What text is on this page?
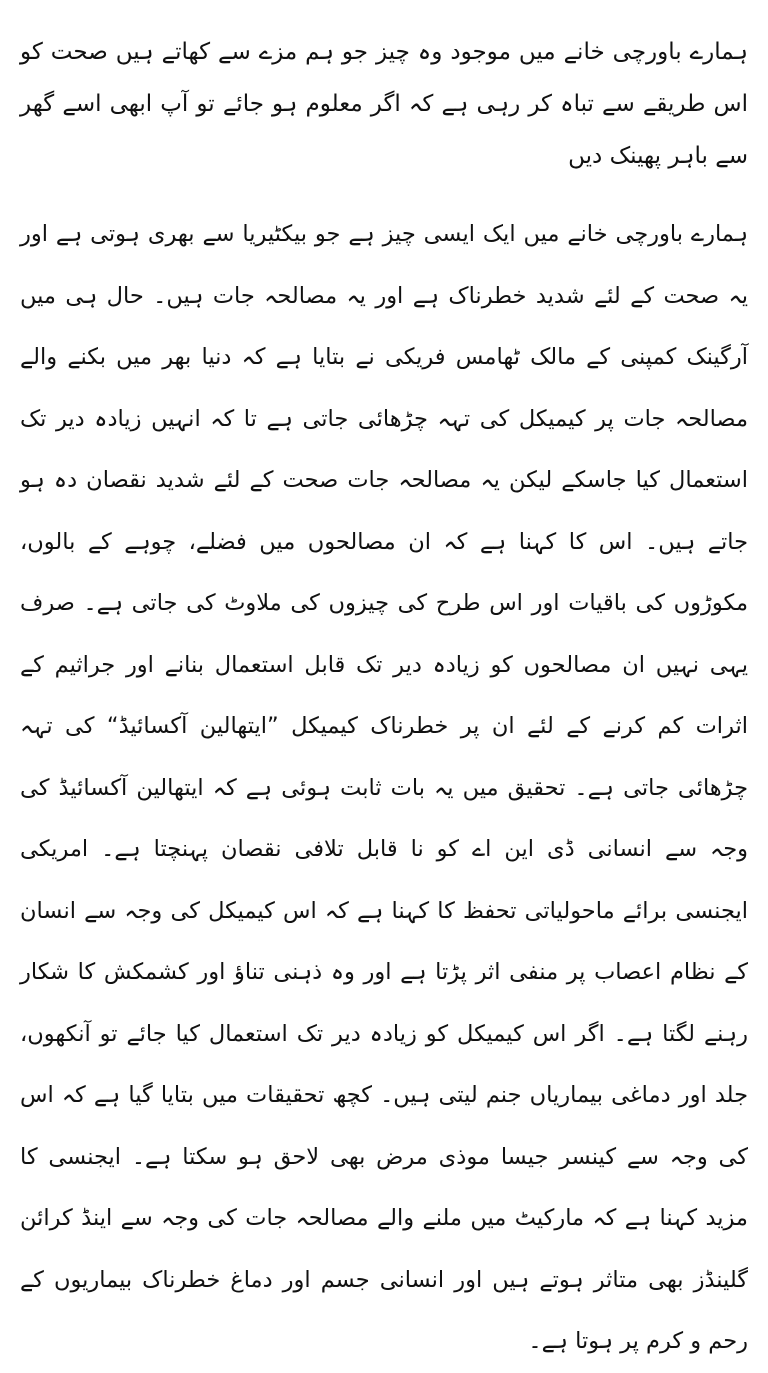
ہمارے باورچی خانے میں موجود وہ چیز جو ہم مزے سے کھاتے ہیں صحت کو اس طریقے سے تباہ کر رہی ہے کہ اگر معلوم ہو جائے تو آپ ابھی اسے گھر سے باہر پھینک دیں

ہمارے باورچی خانے میں ایک ایسی چیز ہے جو بیکٹیریا سے بھری ہوتی ہے اور یہ صحت کے لئے شدید خطرناک ہے اور یہ مصالحہ جات ہیں۔ حال ہی میں آرگینک کمپنی کے مالک ٹھامس فریکی نے بتایا ہے کہ دنیا بھر میں بکنے والے مصالحہ جات پر کیمیکل کی تہہ چڑھائی جاتی ہے تا کہ انہیں زیادہ دیر تک استعمال کیا جاسکے لیکن یہ مصالحہ جات صحت کے لئے شدید نقصان دہ ہو جاتے ہیں۔ اس کا کہنا ہے کہ ان مصالحوں میں فضلے، چوہے کے بالوں، مکوڑوں کی باقیات اور اس طرح کی چیزوں کی ملاوٹ کی جاتی ہے۔ صرف یہی نہیں ان مصالحوں کو زیادہ دیر تک قابل استعمال بنانے اور جراثیم کے اثرات کم کرنے کے لئے ان پر خطرناک کیمیکل ”ایتھالین آکسائیڈ“ کی تہہ چڑھائی جاتی ہے۔ تحقیق میں یہ بات ثابت ہوئی ہے کہ ایتھالین آکسائیڈ کی وجہ سے انسانی ڈی این اے کو نا قابل تلافی نقصان پہنچتا ہے۔ امریکی ایجنسی برائے ماحولیاتی تحفظ کا کہنا ہے کہ اس کیمیکل کی وجہ سے انسان کے نظام اعصاب پر منفی اثر پڑتا ہے اور وہ ذہنی تناؤ اور کشمکش کا شکار رہنے لگتا ہے۔ اگر اس کیمیکل کو زیادہ دیر تک استعمال کیا جائے تو آنکھوں، جلد اور دماغی بیماریاں جنم لیتی ہیں۔ کچھ تحقیقات میں بتایا گیا ہے کہ اس کی وجہ سے کینسر جیسا موذی مرض بھی لاحق ہو سکتا ہے۔ ایجنسی کا مزید کہنا ہے کہ مارکیٹ میں ملنے والے مصالحہ جات کی وجہ سے اینڈ کرائن گلینڈز بھی متاثر ہوتے ہیں اور انسانی جسم اور دماغ خطرناک بیماریوں کے رحم و کرم پر ہوتا ہے۔
